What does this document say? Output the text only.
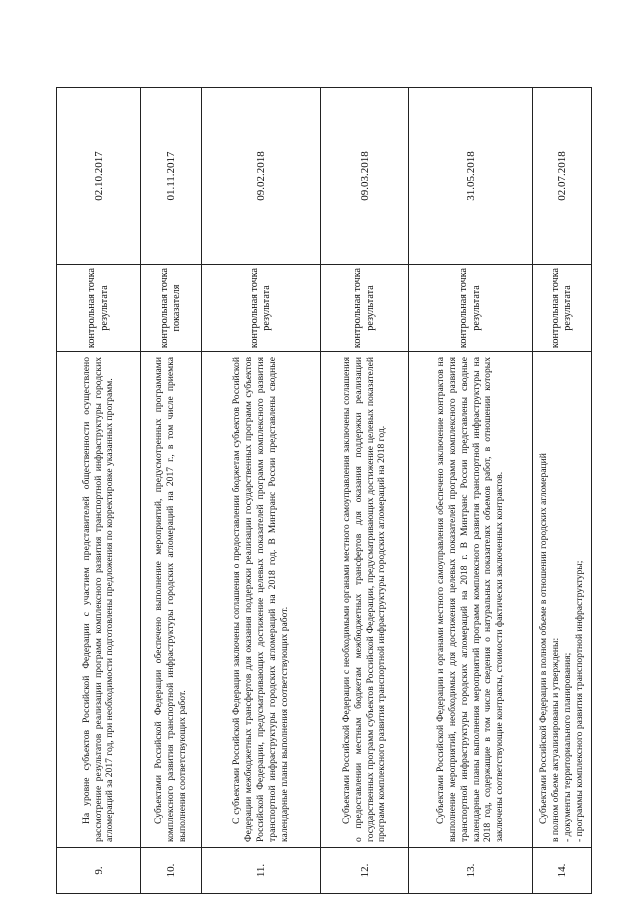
9.	На уровне субъектов Российской Федерации с участием представителей общественности осуществлено рассмотрение результатов реализации программ комплексного развития транспортной инфраструктуры городских агломераций за 2017 год, при необходимости подготовлены предложения по корректировке указанных программ.	контрольная точка результата	02.10.2017
10.	Субъектами Российской Федерации обеспечено выполнение мероприятий, предусмотренных программами комплексного развития транспортной инфраструктуры городских агломераций на 2017 г., в том числе приемка выполнения соответствующих работ.	контрольная точка показателя	01.11.2017
11.	С субъектами Российской Федерации заключены соглашения о предоставлении бюджетам субъектов Российской Федерации межбюджетных трансфертов для оказания поддержки реализации государственных программ субъектов Российской Федерации, предусматривающих достижение целевых показателей программ комплексного развития транспортной инфраструктуры городских агломераций на 2018 год. В Минтранс России представлены сводные календарные планы выполнения соответствующих работ.	контрольная точка результата	09.02.2018
12.	Субъектами Российской Федерации с необходимыми органами местного самоуправления заключены соглашения о предоставлении местным бюджетам межбюджетных трансфертов для оказания поддержки реализации государственных программ субъектов Российской Федерации, предусматривающих достижение целевых показателей программ комплексного развития транспортной инфраструктуры городских агломераций на 2018 год.	контрольная точка результата	09.03.2018
13.	Субъектами Российской Федерации и органами местного самоуправления обеспечено заключение контрактов на выполнение мероприятий, необходимых для достижения целевых показателей программ комплексного развития транспортной инфраструктуры городских агломераций на 2018 г. В Минтранс России представлены сводные календарные планы выполнения мероприятий программ комплексного развития транспортной инфраструктуры на 2018 год, содержащие в том числе сведения о натуральных показателях объемов работ, в отношении которых заключены соответствующие контракты, стоимости фактически заключенных контрактов.	контрольная точка результата	31.05.2018
14.	Субъектами Российской Федерации в полном объеме в отношении городских агломераций в полном объеме актуализированы и утверждены: - документы территориального планирования; - программы комплексного развития транспортной инфраструктуры;	контрольная точка результата	02.07.2018
